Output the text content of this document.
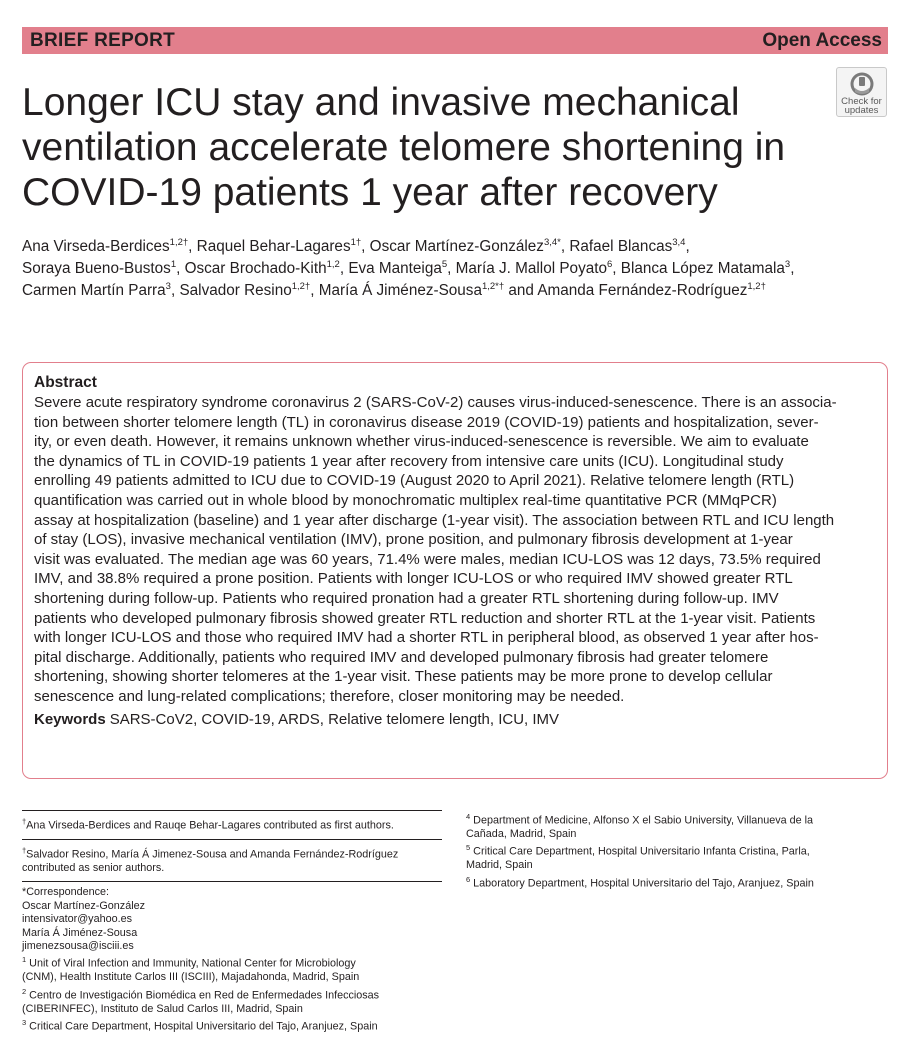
BRIEF REPORT	Open Access
Check for
updates
Longer ICU stay and invasive mechanical ventilation accelerate telomere shortening in COVID-19 patients 1 year after recovery
Ana Virseda-Berdices$^{1,2\dagger}$, Raquel Behar-Lagares$^{1\dagger}$, Oscar Martínez-González$^{3,4*}$, Rafael Blancas$^{3,4}$,
Soraya Bueno-Bustos$^1$, Oscar Brochado-Kith$^{1,2}$, Eva Manteiga$^5$, María J. Mallol Poyato$^6$, Blanca López Matamala$^3$,
Carmen Martín Parra$^3$, Salvador Resino$^{1,2\dagger}$, María Á Jiménez-Sousa$^{1,2*\dagger}$ and Amanda Fernández-Rodríguez$^{1,2\dagger}$
Abstract
Severe acute respiratory syndrome coronavirus 2 (SARS-CoV-2) causes virus-induced-senescence. There is an associa-
tion between shorter telomere length (TL) in coronavirus disease 2019 (COVID-19) patients and hospitalization, sever-
ity, or even death. However, it remains unknown whether virus-induced-senescence is reversible. We aim to evaluate
the dynamics of TL in COVID-19 patients 1 year after recovery from intensive care units (ICU). Longitudinal study
enrolling 49 patients admitted to ICU due to COVID-19 (August 2020 to April 2021). Relative telomere length (RTL)
quantification was carried out in whole blood by monochromatic multiplex real-time quantitative PCR (MMqPCR)
assay at hospitalization (baseline) and 1 year after discharge (1-year visit). The association between RTL and ICU length
of stay (LOS), invasive mechanical ventilation (IMV), prone position, and pulmonary fibrosis development at 1-year
visit was evaluated. The median age was 60 years, 71.4% were males, median ICU-LOS was 12 days, 73.5% required
IMV, and 38.8% required a prone position. Patients with longer ICU-LOS or who required IMV showed greater RTL
shortening during follow-up. Patients who required pronation had a greater RTL shortening during follow-up. IMV
patients who developed pulmonary fibrosis showed greater RTL reduction and shorter RTL at the 1-year visit. Patients
with longer ICU-LOS and those who required IMV had a shorter RTL in peripheral blood, as observed 1 year after hos-
pital discharge. Additionally, patients who required IMV and developed pulmonary fibrosis had greater telomere
shortening, showing shorter telomeres at the 1-year visit. These patients may be more prone to develop cellular
senescence and lung-related complications; therefore, closer monitoring may be needed.
Keywords SARS-CoV2, COVID-19, ARDS, Relative telomere length, ICU, IMV
†Ana Virseda-Berdices and Rauqe Behar-Lagares contributed as first authors.
†Salvador Resino, María Á Jimenez-Sousa and Amanda Fernández-Rodríguez
contributed as senior authors.
*Correspondence:
Oscar Martínez-González
intensivator@yahoo.es
María Á Jiménez-Sousa
jimenezsousa@isciii.es
$^1$ Unit of Viral Infection and Immunity, National Center for Microbiology
(CNM), Health Institute Carlos III (ISCIII), Majadahonda, Madrid, Spain
$^2$ Centro de Investigación Biomédica en Red de Enfermedades Infecciosas
(CIBERINFEC), Instituto de Salud Carlos III, Madrid, Spain
$^3$ Critical Care Department, Hospital Universitario del Tajo, Aranjuez, Spain
$^4$ Department of Medicine, Alfonso X el Sabio University, Villanueva de la
Cañada, Madrid, Spain
$^5$ Critical Care Department, Hospital Universitario Infanta Cristina, Parla,
Madrid, Spain
$^6$ Laboratory Department, Hospital Universitario del Tajo, Aranjuez, Spain
